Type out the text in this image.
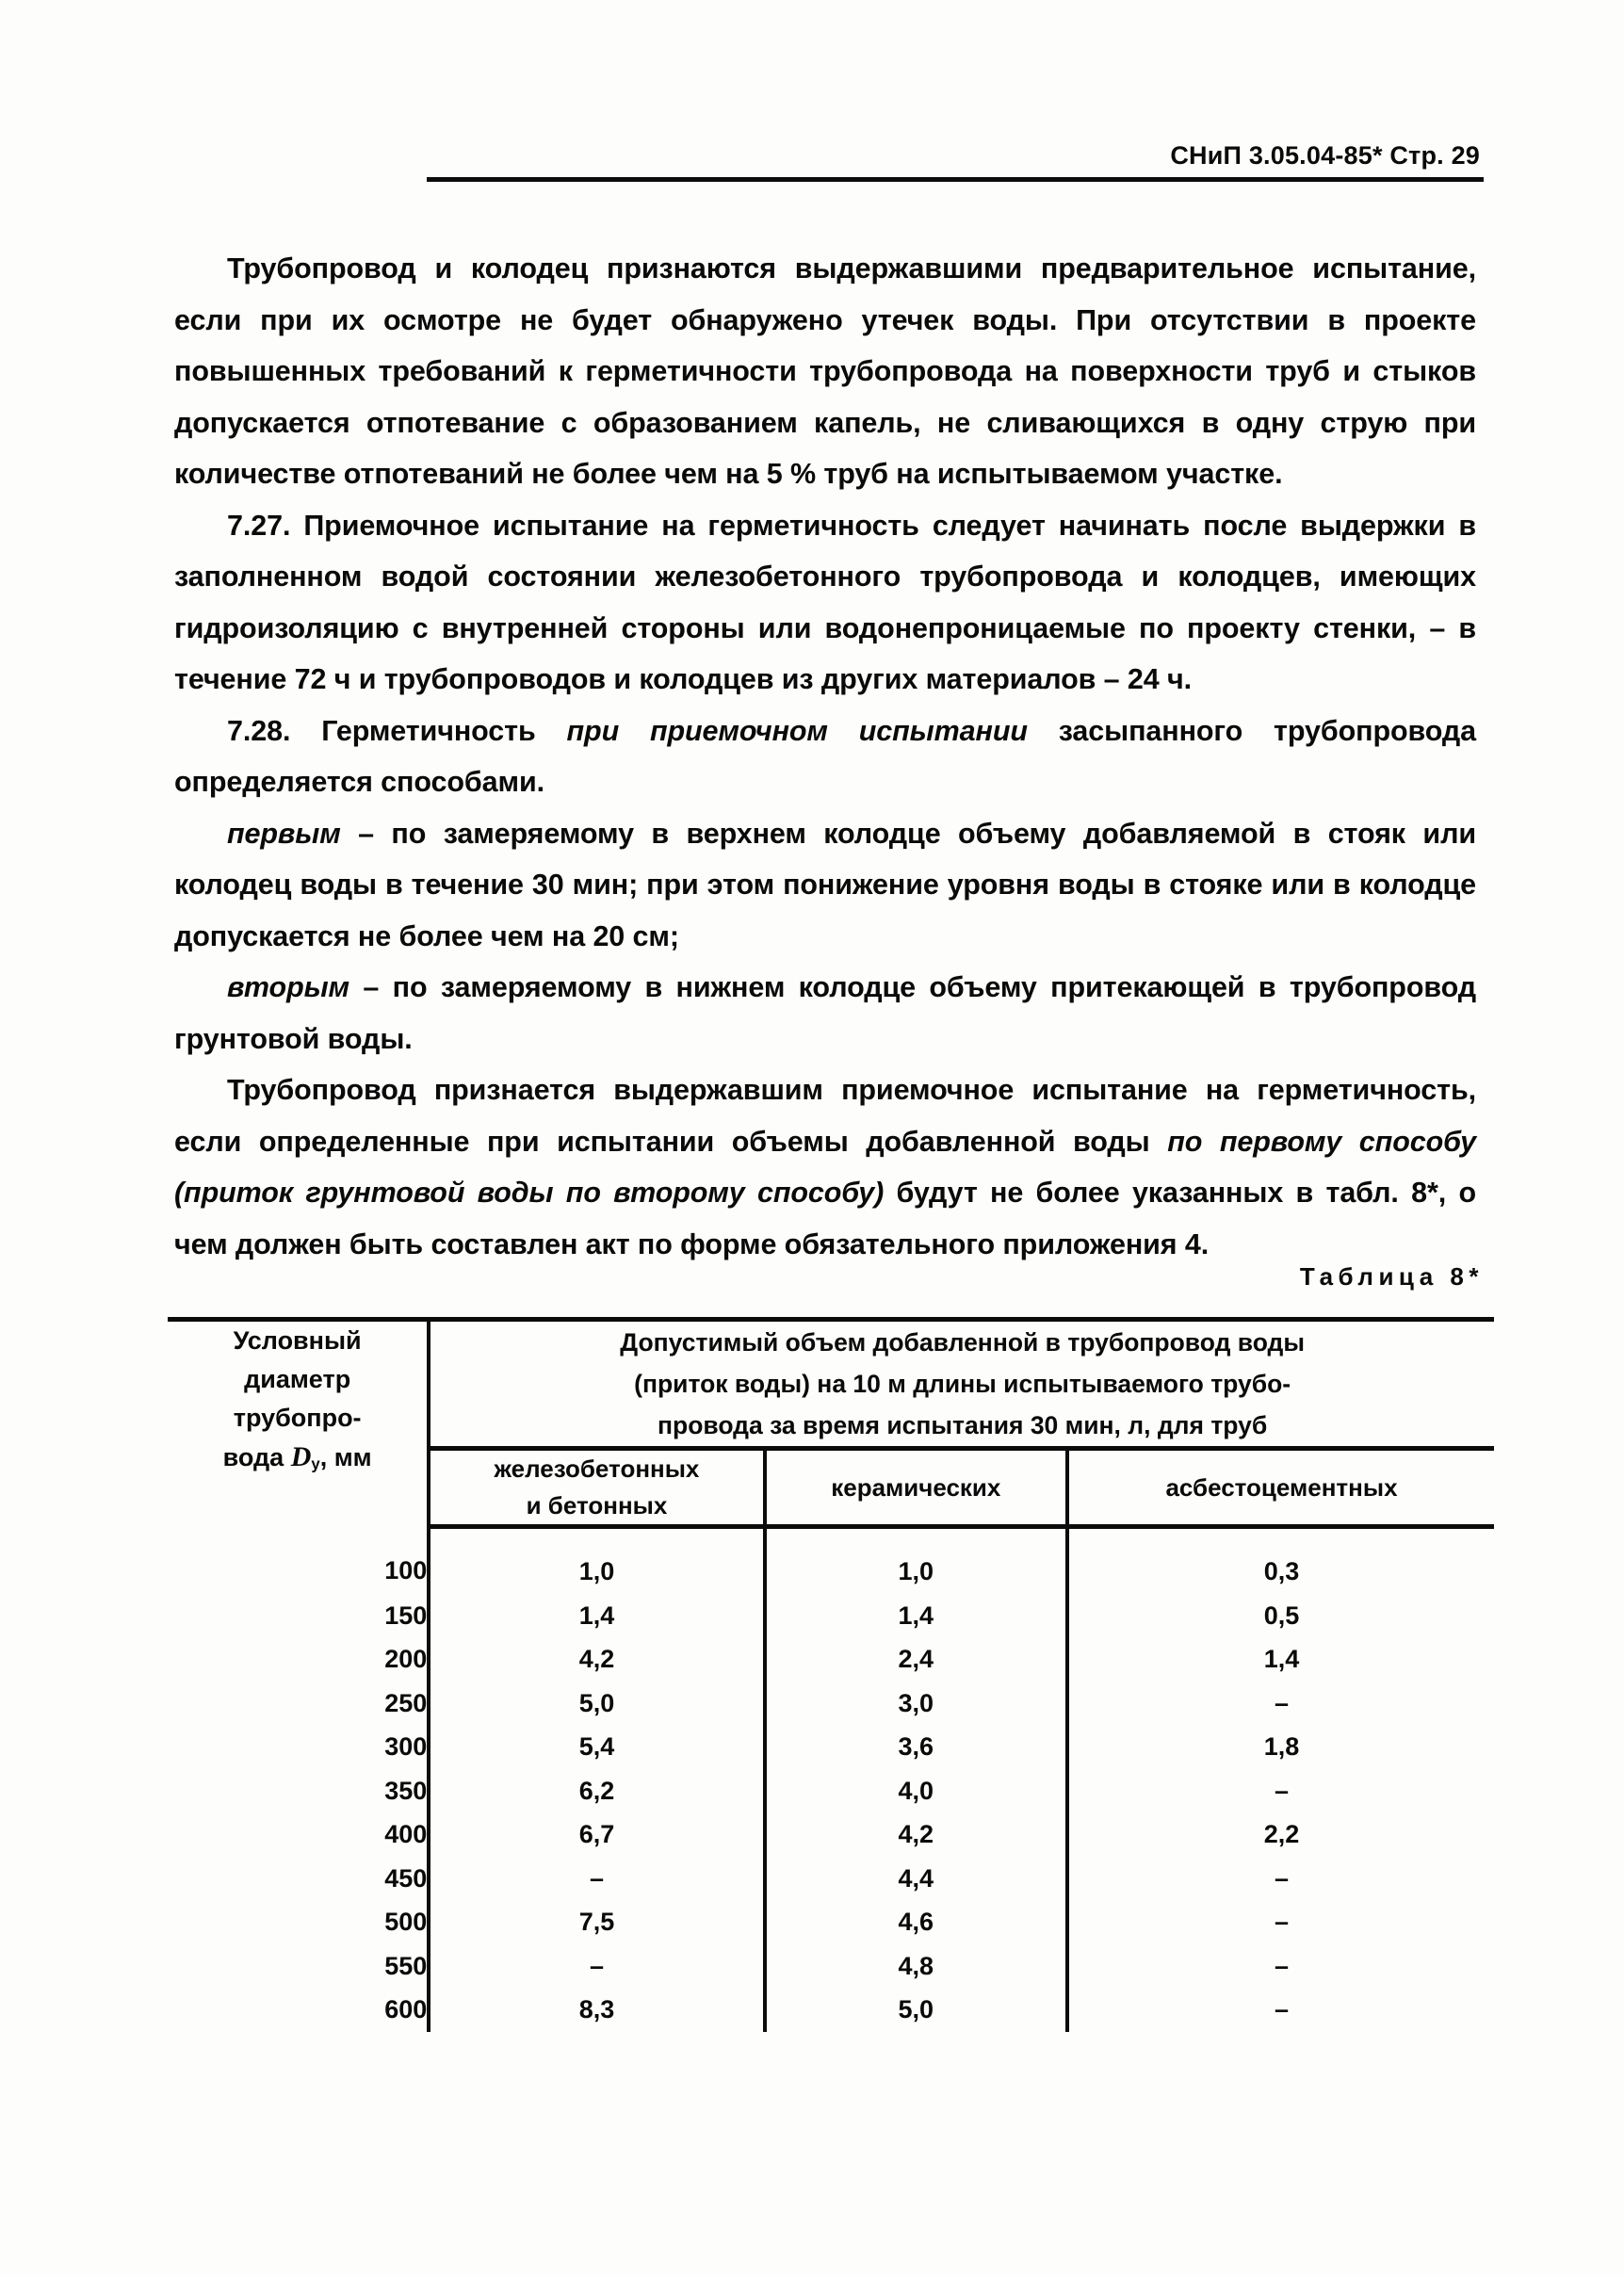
СНиП 3.05.04-85* Стр. 29

Трубопровод и колодец признаются выдержавшими предварительное испытание, если при их осмотре не будет обнаружено утечек воды. При отсутствии в проекте повышенных требований к герметичности трубопровода на поверхности труб и стыков допускается отпотевание с образованием капель, не сливающихся в одну струю при количестве отпотеваний не более чем на 5 % труб на испытываемом участке.

7.27. Приемочное испытание на герметичность следует начинать после выдержки в заполненном водой состоянии железобетонного трубопровода и колодцев, имеющих гидроизоляцию с внутренней стороны или водонепроницаемые по проекту стенки, – в течение 72 ч и трубопроводов и колодцев из других материалов – 24 ч.

7.28. Герметичность при приемочном испытании засыпанного трубопровода определяется способами.

первым – по замеряемому в верхнем колодце объему добавляемой в стояк или колодец воды в течение 30 мин; при этом понижение уровня воды в стояке или в колодце допускается не более чем на 20 см;

вторым – по замеряемому в нижнем колодце объему притекающей в трубопровод грунтовой воды.

Трубопровод признается выдержавшим приемочное испытание на герметичность, если определенные при испытании объемы добавленной воды по первому способу (приток грунтовой воды по второму способу) будут не более указанных в табл. 8*, о чем должен быть составлен акт по форме обязательного приложения 4.

Таблица 8*
Условный
диаметр
трубопро-
вода $D_у$, мм	Допустимый объем добавленной в трубопровод воды
(приток воды) на 10 м длины испытываемого трубо-
провода за время испытания 30 мин, л, для труб		
	железобетонных
и бетонных	керамических	асбестоцементных
100	1,0	1,0	0,3
150	1,4	1,4	0,5
200	4,2	2,4	1,4
250	5,0	3,0	–
300	5,4	3,6	1,8
350	6,2	4,0	–
400	6,7	4,2	2,2
450	–	4,4	–
500	7,5	4,6	–
550	–	4,8	–
600	8,3	5,0	–
